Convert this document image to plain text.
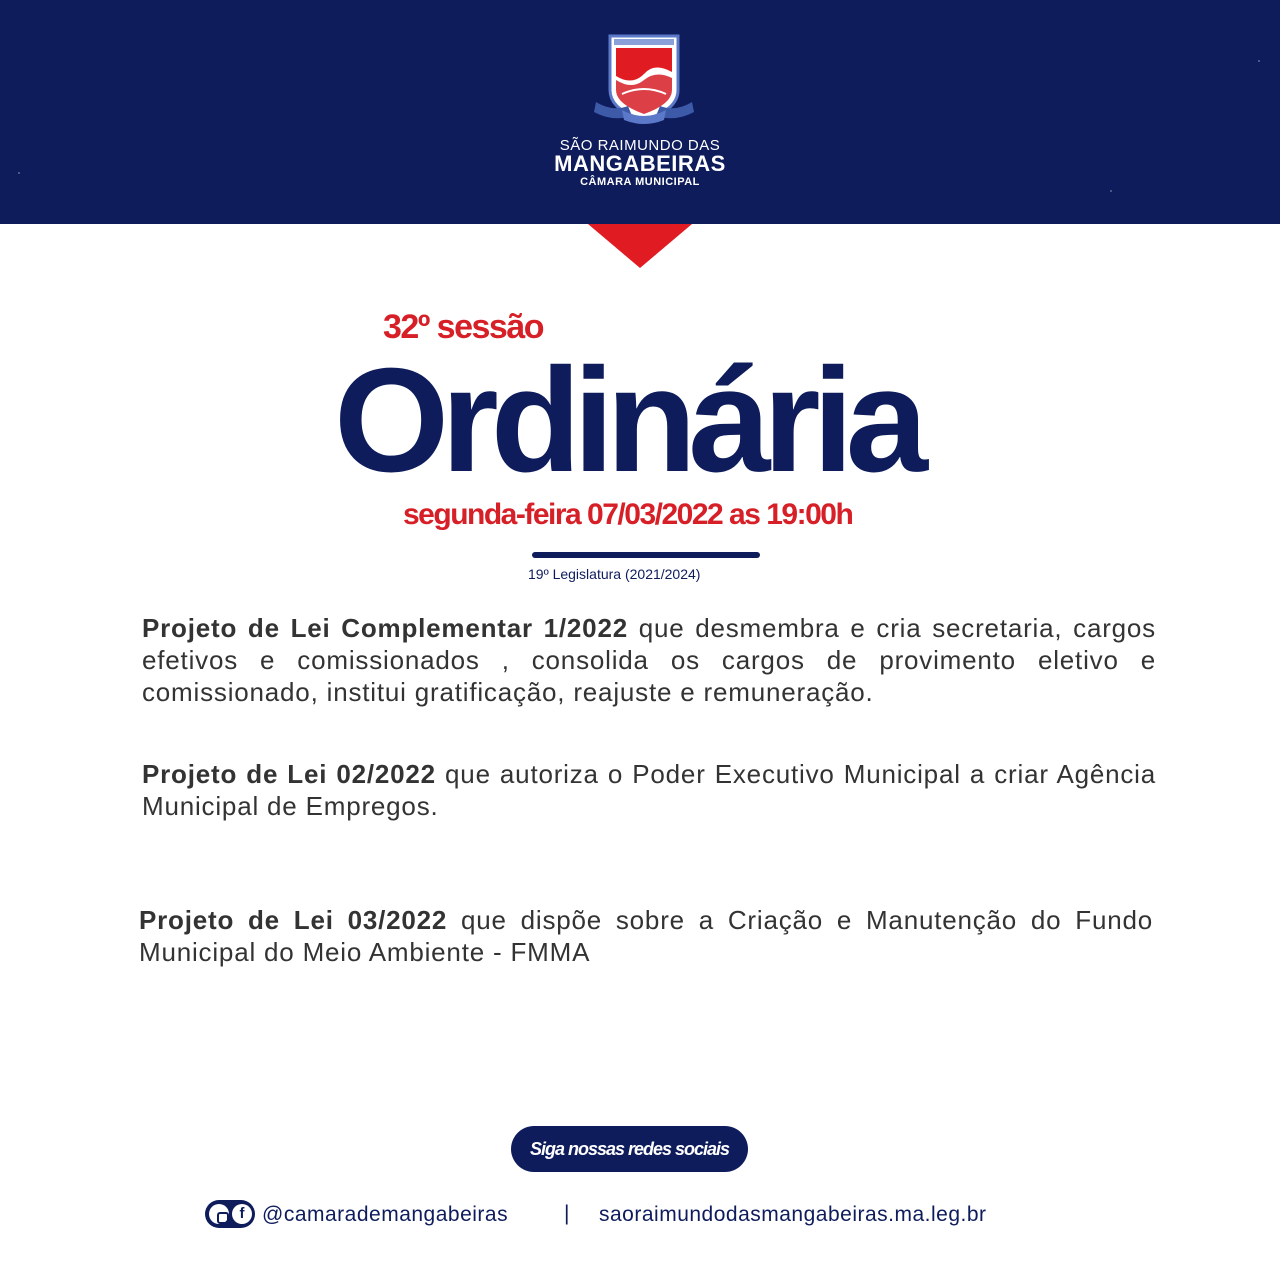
SÃO RAIMUNDO DAS
MANGABEIRAS
CÂMARA MUNICIPAL
32º sessão
Ordinária
segunda-feira 07/03/2022 as 19:00h
19º Legislatura (2021/2024)
Projeto de Lei Complementar 1/2022 que desmembra e cria secretaria, cargos efetivos e comissionados , consolida os cargos de provimento eletivo e comissionado, institui gratificação, reajuste e remuneração.
Projeto de Lei 02/2022 que autoriza o Poder Executivo Municipal a criar Agência Municipal de Empregos.
Projeto de Lei 03/2022 que dispõe sobre a Criação e Manutenção do Fundo Municipal do Meio Ambiente - FMMA
Siga nossas redes sociais
f @camarademangabeiras	| saoraimundodasmangabeiras.ma.leg.br
